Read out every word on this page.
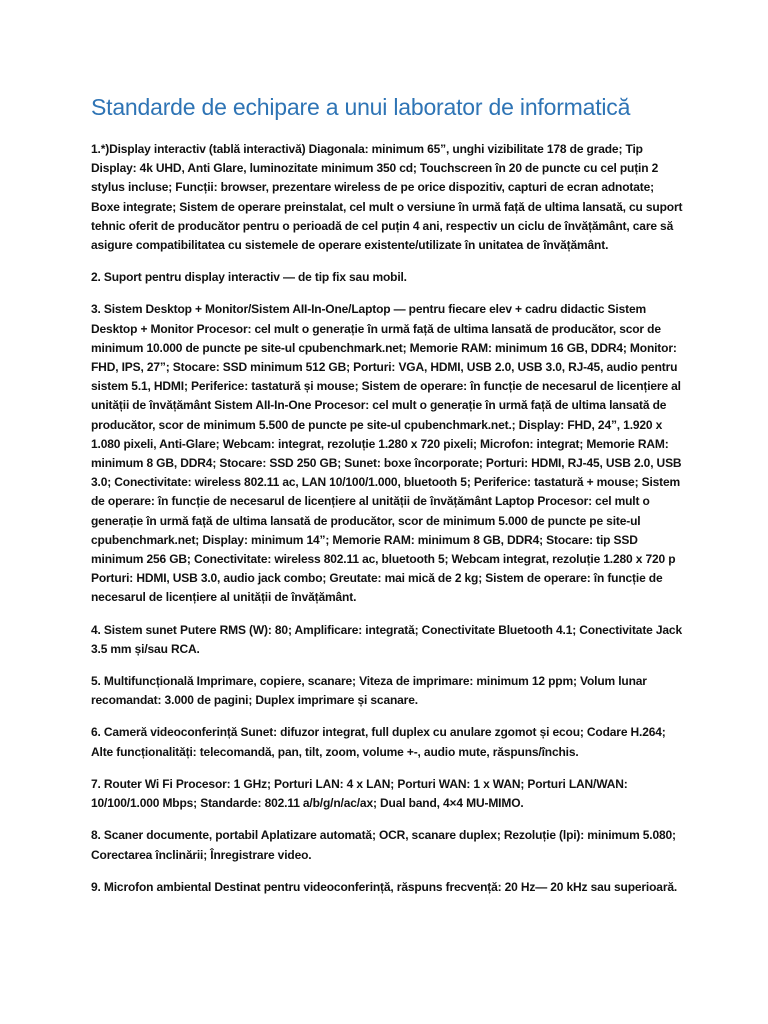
Standarde de echipare a unui laborator de informatică

1.*)Display interactiv (tablă interactivă) Diagonala: minimum 65”, unghi vizibilitate 178 de grade; Tip Display: 4k UHD, Anti Glare, luminozitate minimum 350 cd; Touchscreen în 20 de puncte cu cel puțin 2 stylus incluse; Funcții: browser, prezentare wireless de pe orice dispozitiv, capturi de ecran adnotate; Boxe integrate; Sistem de operare preinstalat, cel mult o versiune în urmă față de ultima lansată, cu suport tehnic oferit de producător pentru o perioadă de cel puțin 4 ani, respectiv un ciclu de învățământ, care să asigure compatibilitatea cu sistemele de operare existente/utilizate în unitatea de învățământ.

2. Suport pentru display interactiv — de tip fix sau mobil.

3. Sistem Desktop + Monitor/Sistem AII-In-One/Laptop — pentru fiecare elev + cadru didactic Sistem Desktop + Monitor Procesor: cel mult o generație în urmă față de ultima lansată de producător, scor de minimum 10.000 de puncte pe site-ul cpubenchmark.net; Memorie RAM: minimum 16 GB, DDR4; Monitor: FHD, IPS, 27”; Stocare: SSD minimum 512 GB; Porturi: VGA, HDMI, USB 2.0, USB 3.0, RJ-45, audio pentru sistem 5.1, HDMI; Periferice: tastatură și mouse; Sistem de operare: în funcție de necesarul de licențiere al unității de învățământ Sistem AII-In-One Procesor: cel mult o generație în urmă față de ultima lansată de producător, scor de minimum 5.500 de puncte pe site-ul cpubenchmark.net.; Display: FHD, 24”, 1.920 x 1.080 pixeli, Anti-Glare; Webcam: integrat, rezoluție 1.280 x 720 pixeli; Microfon: integrat; Memorie RAM: minimum 8 GB, DDR4; Stocare: SSD 250 GB; Sunet: boxe încorporate; Porturi: HDMI, RJ-45, USB 2.0, USB 3.0; Conectivitate: wireless 802.11 ac, LAN 10/100/1.000, bluetooth 5; Periferice: tastatură + mouse; Sistem de operare: în funcție de necesarul de licențiere al unității de învățământ Laptop Procesor: cel mult o generație în urmă față de ultima lansată de producător, scor de minimum 5.000 de puncte pe site-ul cpubenchmark.net; Display: minimum 14”; Memorie RAM: minimum 8 GB, DDR4; Stocare: tip SSD minimum 256 GB; Conectivitate: wireless 802.11 ac, bluetooth 5; Webcam integrat, rezoluție 1.280 x 720 p Porturi: HDMI, USB 3.0, audio jack combo; Greutate: mai mică de 2 kg; Sistem de operare: în funcție de necesarul de licențiere al unității de învățământ.

4. Sistem sunet Putere RMS (W): 80; Amplificare: integrată; Conectivitate Bluetooth 4.1; Conectivitate Jack 3.5 mm și/sau RCA.

5. Multifuncțională Imprimare, copiere, scanare; Viteza de imprimare: minimum 12 ppm; Volum lunar recomandat: 3.000 de pagini; Duplex imprimare și scanare.

6. Cameră videoconferință Sunet: difuzor integrat, full duplex cu anulare zgomot și ecou; Codare H.264; Alte funcționalități: telecomandă, pan, tilt, zoom, volume +-, audio mute, răspuns/închis.

7. Router Wi Fi Procesor: 1 GHz; Porturi LAN: 4 x LAN; Porturi WAN: 1 x WAN; Porturi LAN/WAN: 10/100/1.000 Mbps; Standarde: 802.11 a/b/g/n/ac/ax; Dual band, 4×4 MU-MIMO.

8. Scaner documente, portabil Aplatizare automată; OCR, scanare duplex; Rezoluție (lpi): minimum 5.080; Corectarea înclinării; Înregistrare video.

9. Microfon ambiental Destinat pentru videoconferință, răspuns frecvență: 20 Hz— 20 kHz sau superioară.
